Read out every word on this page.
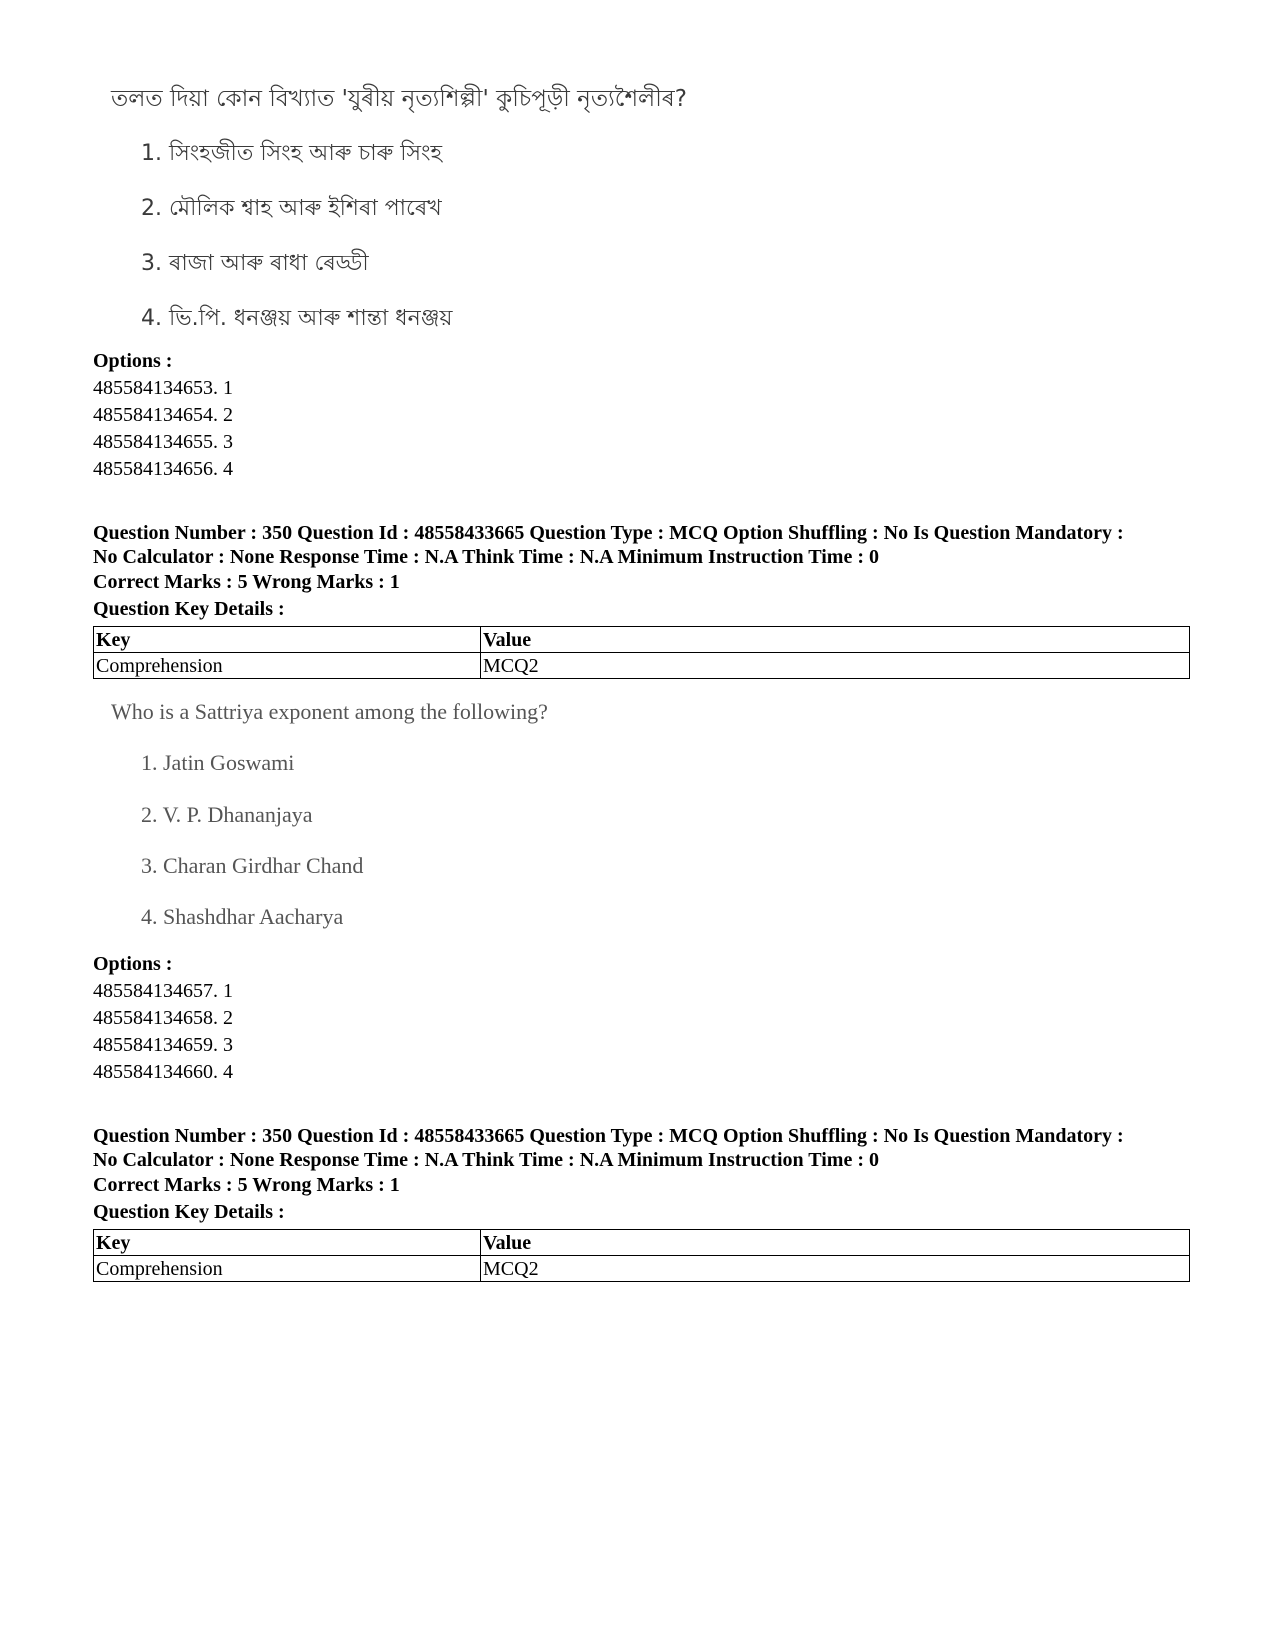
তলত দিয়া কোন বিখ্যাত 'যুৰীয় নৃত্যশিল্পী' কুচিপূড়ী নৃত্যশৈলীৰ?
1. সিংহজীত সিংহ আৰু চাৰু সিংহ
2. মৌলিক শ্বাহ আৰু ইশিৰা পাৰেখ
3. ৰাজা আৰু ৰাধা ৰেড্ডী
4. ভি.পি. ধনঞ্জয় আৰু শান্তা ধনঞ্জয়
Options :
485584134653. 1
485584134654. 2
485584134655. 3
485584134656. 4
Question Number : 350 Question Id : 48558433665 Question Type : MCQ Option Shuffling : No Is Question Mandatory :
No Calculator : None Response Time : N.A Think Time : N.A Minimum Instruction Time : 0
Correct Marks : 5 Wrong Marks : 1
Question Key Details :
Key	Value
Comprehension	MCQ2
Who is a Sattriya exponent among the following?
1. Jatin Goswami
2. V. P. Dhananjaya
3. Charan Girdhar Chand
4. Shashdhar Aacharya
Options :
485584134657. 1
485584134658. 2
485584134659. 3
485584134660. 4
Question Number : 350 Question Id : 48558433665 Question Type : MCQ Option Shuffling : No Is Question Mandatory :
No Calculator : None Response Time : N.A Think Time : N.A Minimum Instruction Time : 0
Correct Marks : 5 Wrong Marks : 1
Question Key Details :
Key	Value
Comprehension	MCQ2
